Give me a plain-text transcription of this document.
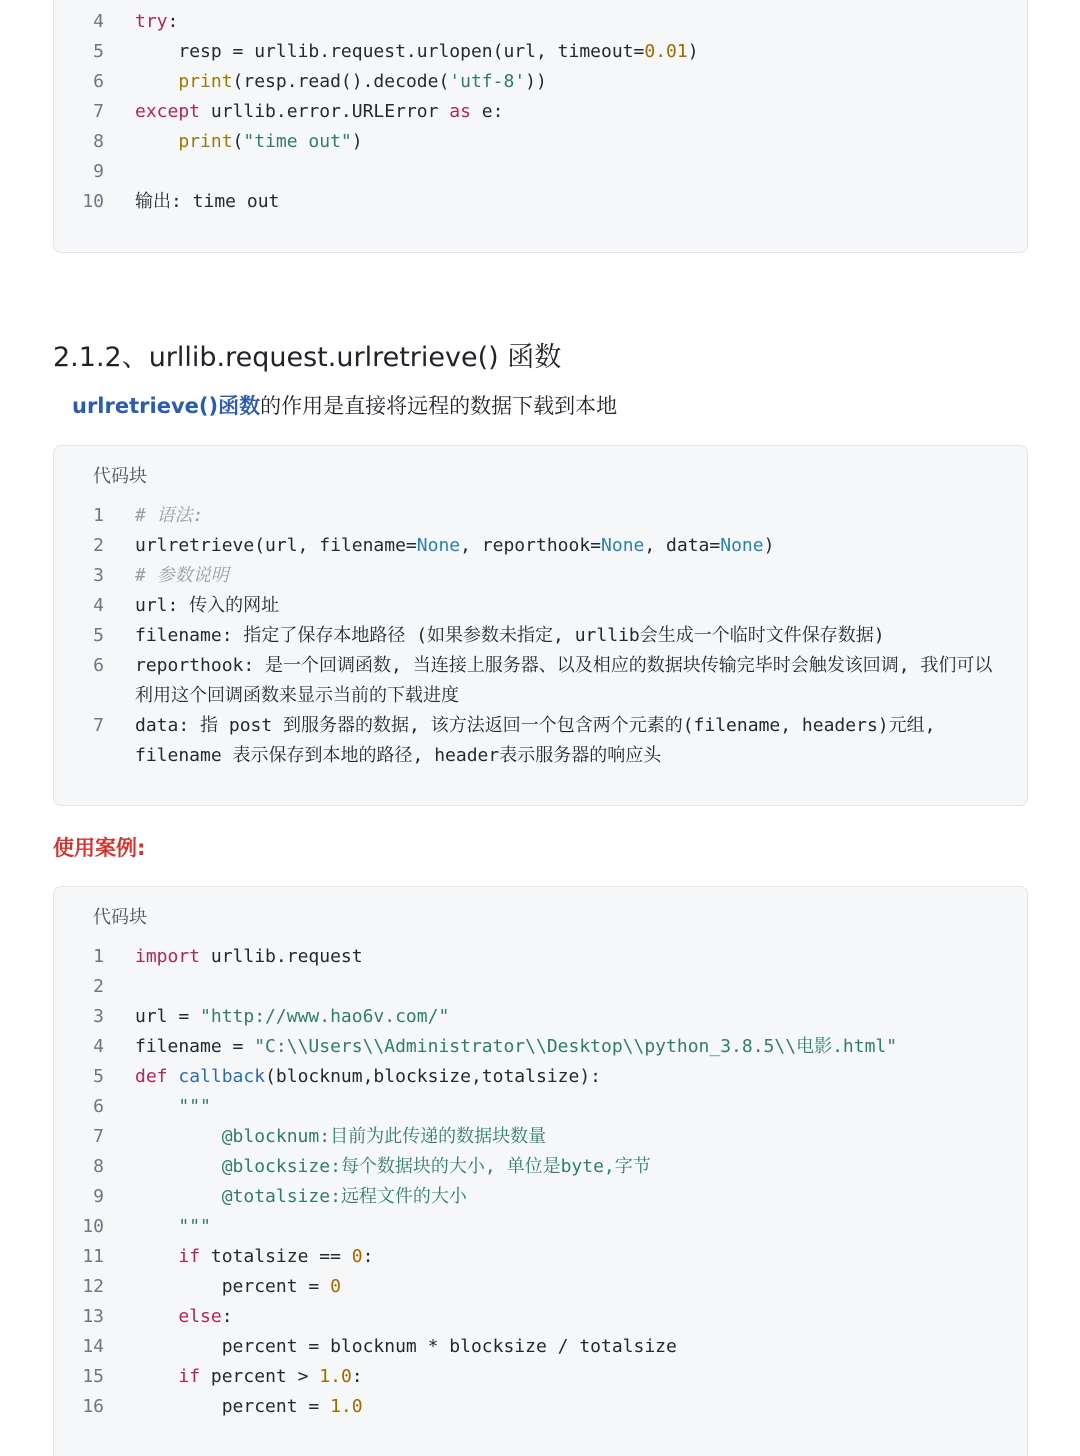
4 try:
5 resp = urllib.request.urlopen(url, timeout=0.01)
6	print(resp.read().decode('utf-8'))
7 except urllib.error.URLError as e:
8	print("time out")
9
10 输出: time out
2.1.2、urllib.request.urlretrieve() 函数
urlretrieve()函数的作用是直接将远程的数据下载到本地
代码块
1 # 语法:
2 urlretrieve(url, filename=None, reporthook=None, data=None)
3 # 参数说明
4 url: 传入的网址
5 filename: 指定了保存本地路径 (如果参数未指定, urllib会生成一个临时文件保存数据)
6 reporthook: 是一个回调函数, 当连接上服务器、以及相应的数据块传输完毕时会触发该回调, 我们可以利用这个回调函数来显示当前的下载进度
7 data: 指 post 到服务器的数据, 该方法返回一个包含两个元素的(filename, headers)元组, filename 表示保存到本地的路径, header表示服务器的响应头
使用案例:
代码块
1 import urllib.request
2
3 url = "http://www.hao6v.com/"
4 filename = "C:\\Users\\Administrator\\Desktop\\python_3.8.5\\电影.html"
5 def callback(blocknum,blocksize,totalsize):
6	"""
7 @blocknum:目前为此传递的数据块数量
8 @blocksize:每个数据块的大小, 单位是byte,字节
9 @totalsize:远程文件的大小
10	"""
11	if totalsize == 0:
12 percent = 0
13	else:
14 percent = blocknum * blocksize / totalsize
15	if percent > 1.0:
16 percent = 1.0
